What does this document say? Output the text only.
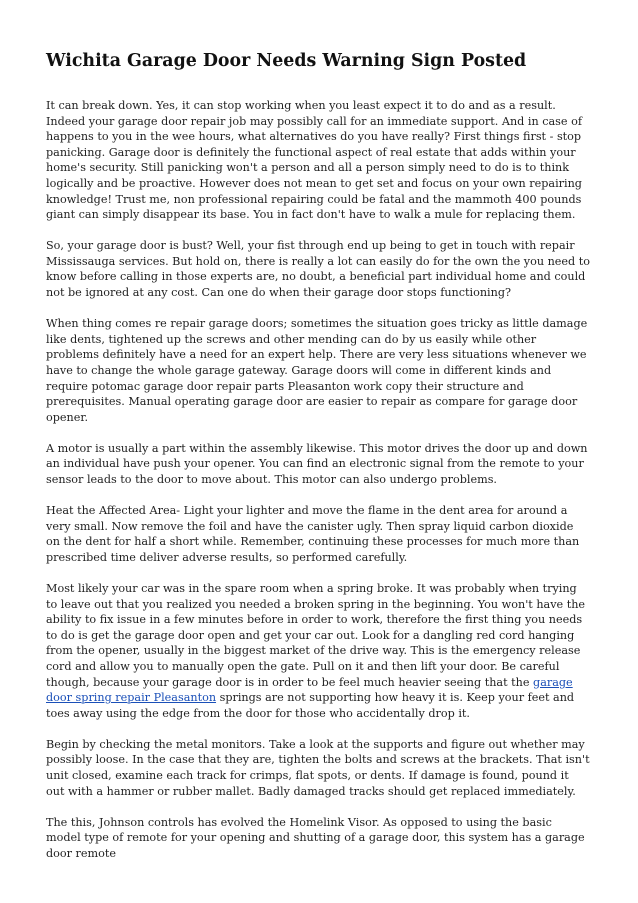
Wichita Garage Door Needs Warning Sign Posted

It can break down. Yes, it can stop working when you least expect it to do and as a result. Indeed your garage door repair job may possibly call for an immediate support. And in case of happens to you in the wee hours, what alternatives do you have really? First things first - stop panicking. Garage door is definitely the functional aspect of real estate that adds within your home's security. Still panicking won't a person and all a person simply need to do is to think logically and be proactive. However does not mean to get set and focus on your own repairing knowledge! Trust me, non professional repairing could be fatal and the mammoth 400 pounds giant can simply disappear its base. You in fact don't have to walk a mule for replacing them.

So, your garage door is bust? Well, your fist through end up being to get in touch with repair Mississauga services. But hold on, there is really a lot can easily do for the own the you need to know before calling in those experts are, no doubt, a beneficial part individual home and could not be ignored at any cost. Can one do when their garage door stops functioning?

When thing comes re repair garage doors; sometimes the situation goes tricky as little damage like dents, tightened up the screws and other mending can do by us easily while other problems definitely have a need for an expert help. There are very less situations whenever we have to change the whole garage gateway. Garage doors will come in different kinds and require potomac garage door repair parts Pleasanton work copy their structure and prerequisites. Manual operating garage door are easier to repair as compare for garage door opener.

A motor is usually a part within the assembly likewise. This motor drives the door up and down an individual have push your opener. You can find an electronic signal from the remote to your sensor leads to the door to move about. This motor can also undergo problems.

Heat the Affected Area- Light your lighter and move the flame in the dent area for around a very small. Now remove the foil and have the canister ugly. Then spray liquid carbon dioxide on the dent for half a short while. Remember, continuing these processes for much more than prescribed time deliver adverse results, so performed carefully.

Most likely your car was in the spare room when a spring broke. It was probably when trying to leave out that you realized you needed a broken spring in the beginning. You won't have the ability to fix issue in a few minutes before in order to work, therefore the first thing you needs to do is get the garage door open and get your car out. Look for a dangling red cord hanging from the opener, usually in the biggest market of the drive way. This is the emergency release cord and allow you to manually open the gate. Pull on it and then lift your door. Be careful though, because your garage door is in order to be feel much heavier seeing that the garage door spring repair Pleasanton springs are not supporting how heavy it is. Keep your feet and toes away using the edge from the door for those who accidentally drop it.

Begin by checking the metal monitors. Take a look at the supports and figure out whether may possibly loose. In the case that they are, tighten the bolts and screws at the brackets. That isn't unit closed, examine each track for crimps, flat spots, or dents. If damage is found, pound it out with a hammer or rubber mallet. Badly damaged tracks should get replaced immediately.

The this, Johnson controls has evolved the Homelink Visor. As opposed to using the basic model type of remote for your opening and shutting of a garage door, this system has a garage door remote
